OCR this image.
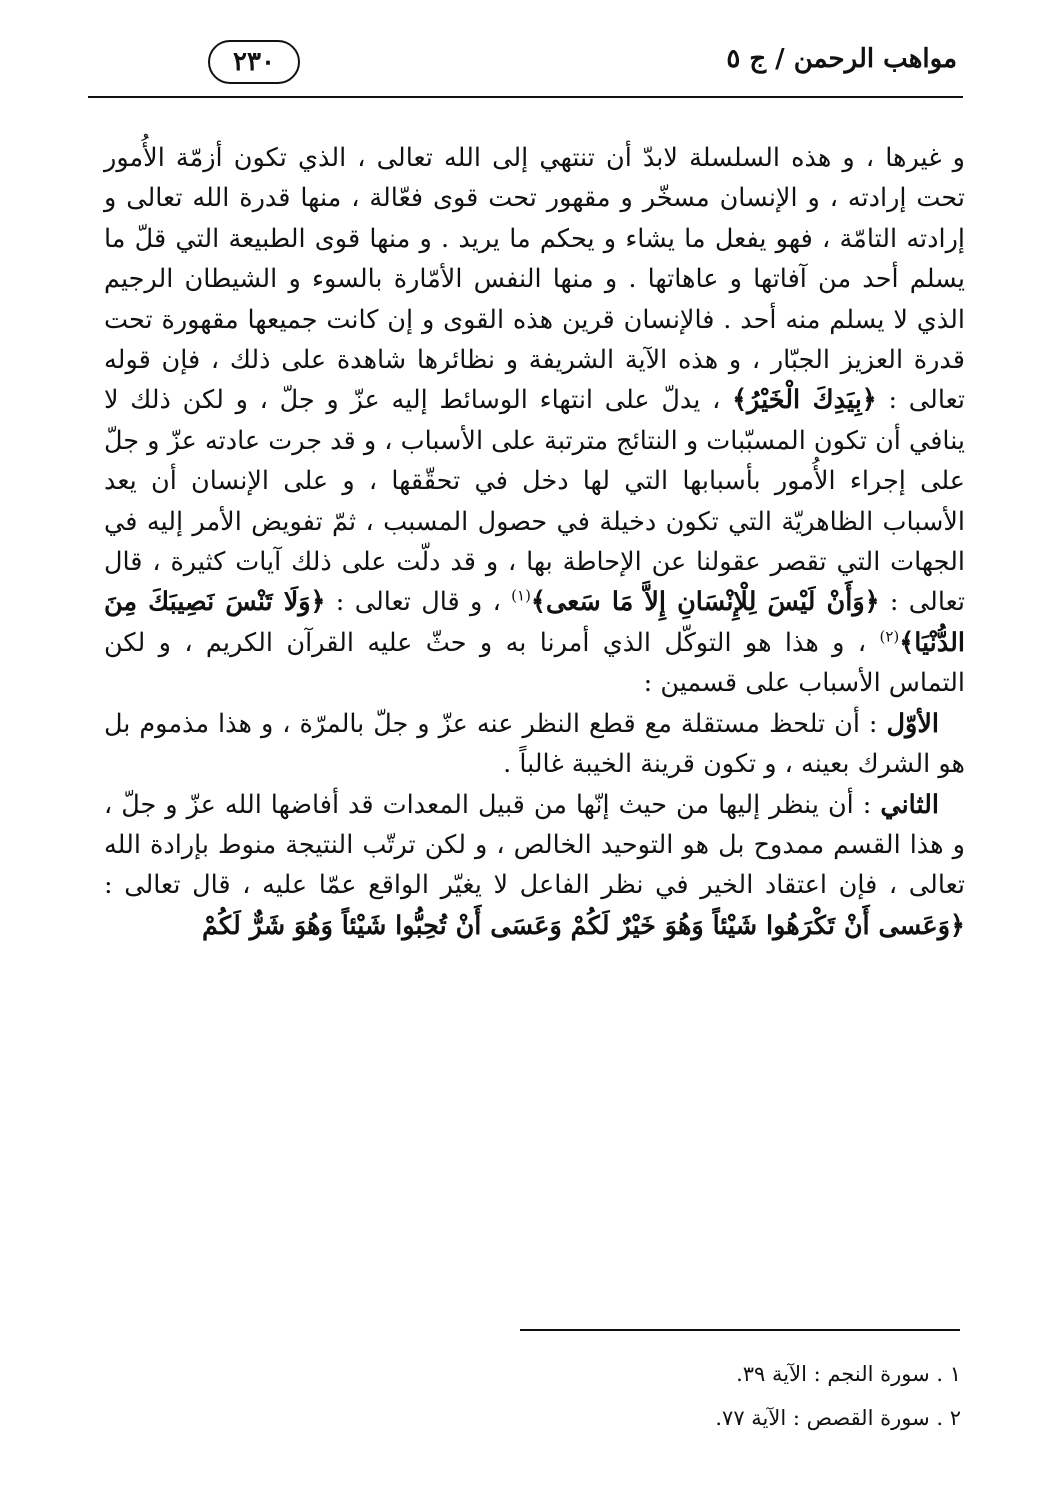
مواهب الرحمن / ج ٥
٢٣٠

و غيرها ، و هذه السلسلة لابدّ أن تنتهي إلى الله تعالى ، الذي تكون أزمّة الأُمور تحت إرادته ، و الإنسان مسخّر و مقهور تحت قوى فعّالة ، منها قدرة الله تعالى و إرادته التامّة ، فهو يفعل ما يشاء و يحكم ما يريد . و منها قوى الطبيعة التي قلّ ما يسلم أحد من آفاتها و عاهاتها . و منها النفس الأمّارة بالسوء و الشيطان الرجيم الذي لا يسلم منه أحد . فالإنسان قرين هذه القوى و إن كانت جميعها مقهورة تحت قدرة العزيز الجبّار ، و هذه الآية الشريفة و نظائرها شاهدة على ذلك ، فإن قوله تعالى : ﴿بِيَدِكَ الْخَيْرُ﴾ ، يدلّ على انتهاء الوسائط إليه عزّ و جلّ ، و لكن ذلك لا ينافي أن تكون المسبّبات و النتائج مترتبة على الأسباب ، و قد جرت عادته عزّ و جلّ على إجراء الأُمور بأسبابها التي لها دخل في تحقّقها ، و على الإنسان أن يعد الأسباب الظاهريّة التي تكون دخيلة في حصول المسبب ، ثمّ تفويض الأمر إليه في الجهات التي تقصر عقولنا عن الإحاطة بها ، و قد دلّت على ذلك آيات كثيرة ، قال تعالى : ﴿وَأَنْ لَيْسَ لِلْإِنْسَانِ إِلاَّ مَا سَعى﴾$^{(١)}$ ، و قال تعالى : ﴿وَلَا تَنْسَ نَصِيبَكَ مِنَ الدُّنْيَا﴾$^{(٢)}$ ، و هذا هو التوكّل الذي أمرنا به و حثّ عليه القرآن الكريم ، و لكن التماس الأسباب على قسمين :

الأوّل : أن تلحظ مستقلة مع قطع النظر عنه عزّ و جلّ بالمرّة ، و هذا مذموم بل هو الشرك بعينه ، و تكون قرينة الخيبة غالباً .

الثاني : أن ينظر إليها من حيث إنّها من قبيل المعدات قد أفاضها الله عزّ و جلّ ، و هذا القسم ممدوح بل هو التوحيد الخالص ، و لكن ترتّب النتيجة منوط بإرادة الله تعالى ، فإن اعتقاد الخير في نظر الفاعل لا يغيّر الواقع عمّا عليه ، قال تعالى : ﴿وَعَسى أَنْ تَكْرَهُوا شَيْئاً وَهُوَ خَيْرٌ لَكُمْ وَعَسَى أَنْ تُحِبُّوا شَيْئاً وَهُوَ شَرٌّ لَكُمْ

١ . سورة النجم : الآية ٣٩.
٢ . سورة القصص : الآية ٧٧.
